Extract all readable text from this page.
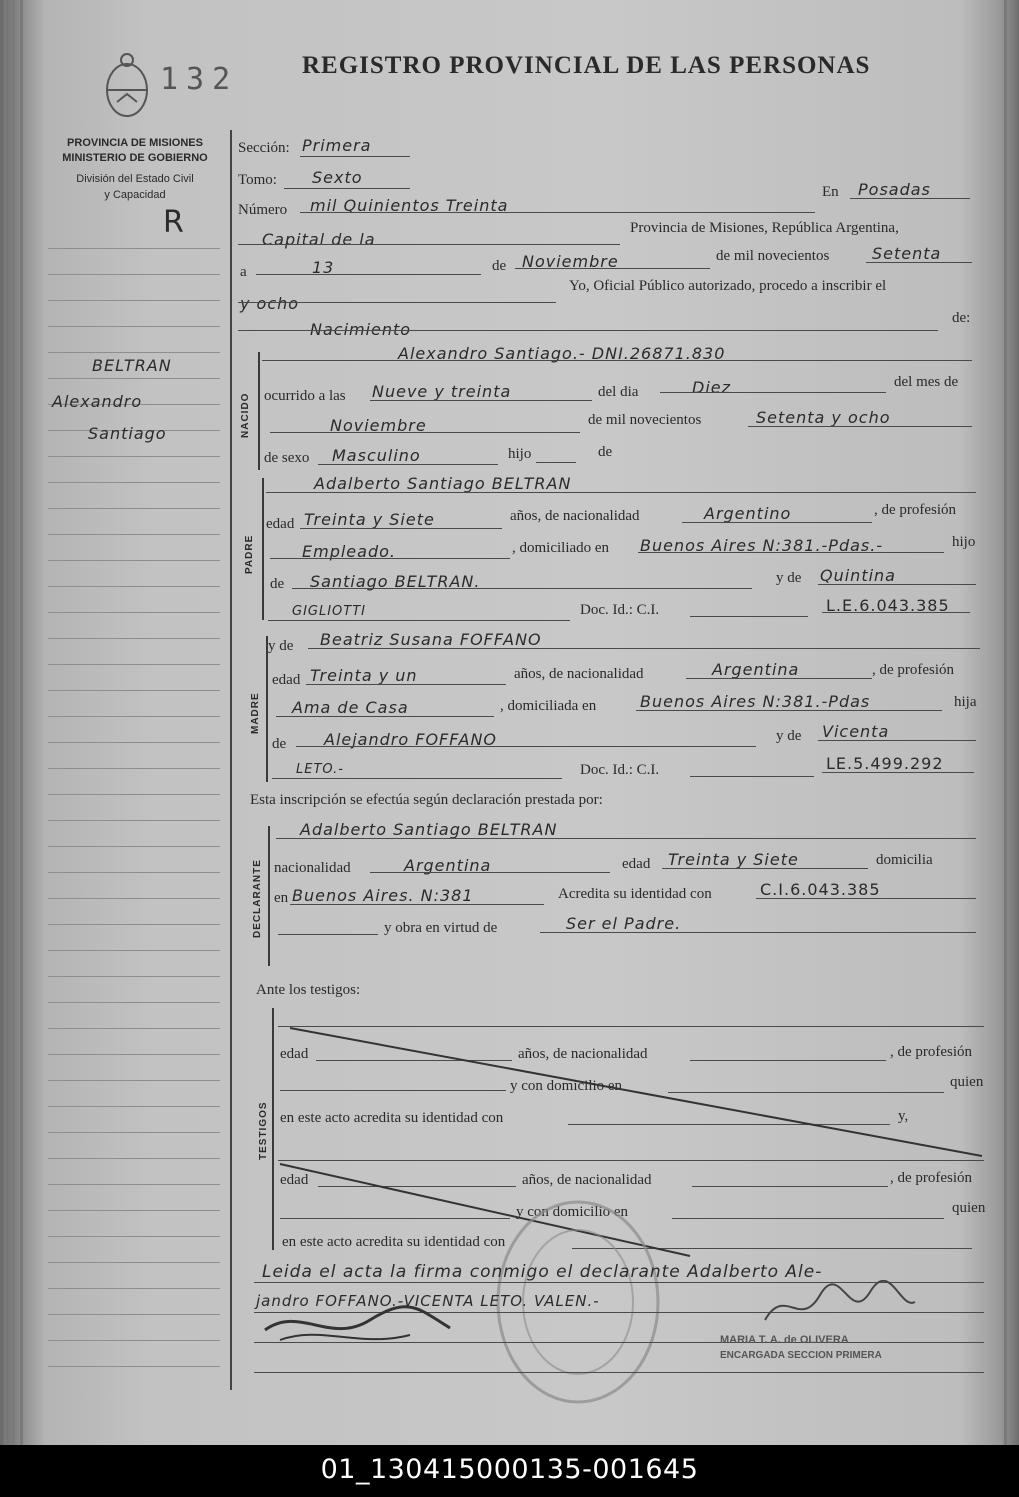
132	REGISTRO PROVINCIAL DE LAS PERSONAS
PROVINCIA DE MISIONES
MINISTERIO DE GOBIERNO
División del Estado Civil
y Capacidad
R
BELTRAN
Alexandro
Santiago
Sección: Primera
Tomo: Sexto
Número mil Quinientos Treinta
En Posadas
Capital de la
Provincia de Misiones, República Argentina,
a	13	de Noviembre	de mil novecientos	Setenta
y ocho
Yo, Oficial Público autorizado, procedo a inscribir el
Nacimiento
de:
NACIDO
Alexandro Santiago.- DNI.26871.830
ocurrido a las Nueve y treinta	del dia	Diez	del mes de
Noviembre	de mil novecientos	Setenta y ocho
de sexo Masculino	hijo	de
PADRE
Adalberto Santiago BELTRAN
edad Treinta y Siete	años, de nacionalidad	Argentino	, de profesión
Empleado.	, domiciliado en Buenos Aires N:381.-Pdas.-	hijo
de Santiago BELTRAN.	y de Quintina
GIGLIOTTI	Doc. Id.: C.I.	L.E.6.043.385
MADRE
y de Beatriz Susana FOFFANO
edad Treinta y un	años, de nacionalidad	Argentina	, de profesión
Ama de Casa	, domiciliada en	Buenos Aires N:381.-Pdas	hija
de Alejandro FOFFANO	y de Vicenta
LETO.-	Doc. Id.: C.I.	LE.5.499.292
Esta inscripción se efectúa según declaración prestada por:
DECLARANTE
Adalberto Santiago BELTRAN
nacionalidad	Argentina	edad Treinta y Siete	domicilia
en Buenos Aires. N:381	Acredita su identidad con	C.I.6.043.385
y obra en virtud de	Ser el Padre.
Ante los testigos:
TESTIGOS
edad	años, de nacionalidad	, de profesión
y con domicilio en	quien
en este acto acredita su identidad con	y,
edad	años, de nacionalidad	, de profesión
y con domicilio en	quien
en este acto acredita su identidad con
Leida el acta la firma conmigo el declarante Adalberto Ale-
jandro FOFFANO.-VICENTA LETO. VALEN.-
MARIA T. A. de OLIVERA
ENCARGADA SECCION PRIMERA
01_130415000135-001645
